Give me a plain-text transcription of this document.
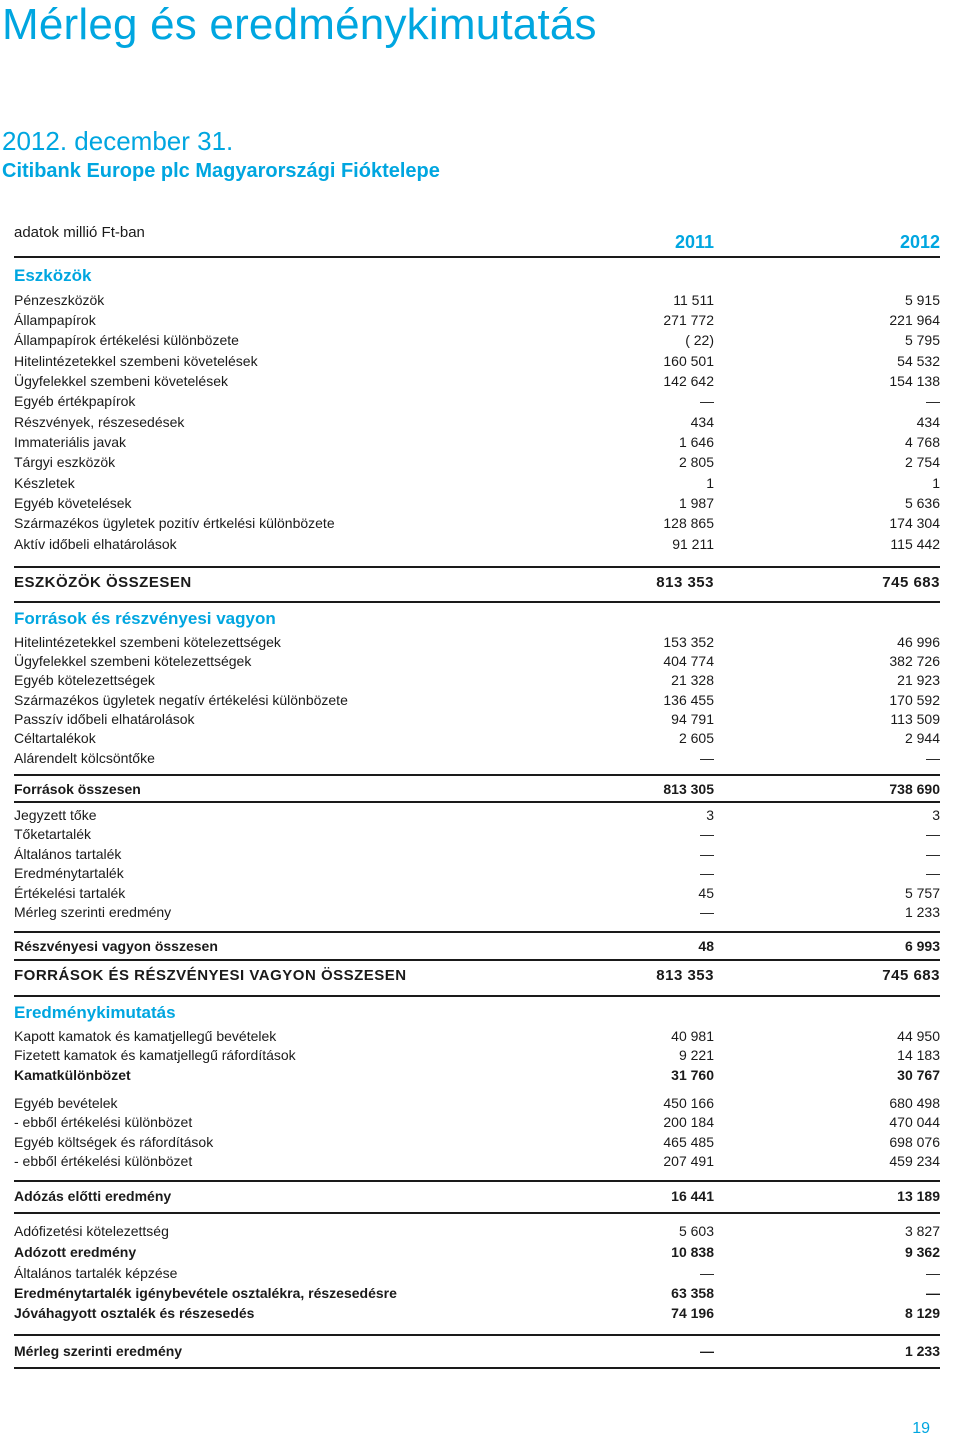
Mérleg és eredménykimutatás
2012. december 31.
Citibank Europe plc Magyarországi Fióktelepe
adatok millió Ft-ban	2011	2012
Eszközök
Pénzeszközök	11 511	5 915
Állampapírok	271 772	221 964
Állampapírok értékelési különbözete	( 22)	5 795
Hitelintézetekkel szembeni követelések	160 501	54 532
Ügyfelekkel szembeni követelések	142 642	154 138
Egyéb értékpapírok	—	—
Részvények, részesedések	434	434
Immateriális javak	1 646	4 768
Tárgyi eszközök	2 805	2 754
Készletek	1	1
Egyéb követelések	1 987	5 636
Származékos ügyletek pozitív értkelési különbözete	128 865	174 304
Aktív időbeli elhatárolások	91 211	115 442
ESZKÖZÖK ÖSSZESEN	813 353	745 683
Források és részvényesi vagyon
Hitelintézetekkel szembeni kötelezettségek	153 352	46 996
Ügyfelekkel szembeni kötelezettségek	404 774	382 726
Egyéb kötelezettségek	21 328	21 923
Származékos ügyletek negatív értékelési különbözete	136 455	170 592
Passzív időbeli elhatárolások	94 791	113 509
Céltartalékok	2 605	2 944
Alárendelt kölcsöntőke	—	—
Források összesen	813 305	738 690
Jegyzett tőke	3	3
Tőketartalék	—	—
Általános tartalék	—	—
Eredménytartalék	—	—
Értékelési tartalék	45	5 757
Mérleg szerinti eredmény	—	1 233
Részvényesi vagyon összesen	48	6 993
FORRÁSOK ÉS RÉSZVÉNYESI VAGYON ÖSSZESEN	813 353	745 683
Eredménykimutatás
Kapott kamatok és kamatjellegű bevételek	40 981	44 950
Fizetett kamatok és kamatjellegű ráfordítások	9 221	14 183
Kamatkülönbözet	31 760	30 767
Egyéb bevételek	450 166	680 498
- ebből értékelési különbözet	200 184	470 044
Egyéb költségek és ráfordítások	465 485	698 076
- ebből értékelési különbözet	207 491	459 234
Adózás előtti eredmény	16 441	13 189
Adófizetési kötelezettség	5 603	3 827
Adózott eredmény	10 838	9 362
Általános tartalék képzése	—	—
Eredménytartalék igénybevétele osztalékra, részesedésre	63 358	—
Jóváhagyott osztalék és részesedés	74 196	8 129
Mérleg szerinti eredmény	—	1 233
19
